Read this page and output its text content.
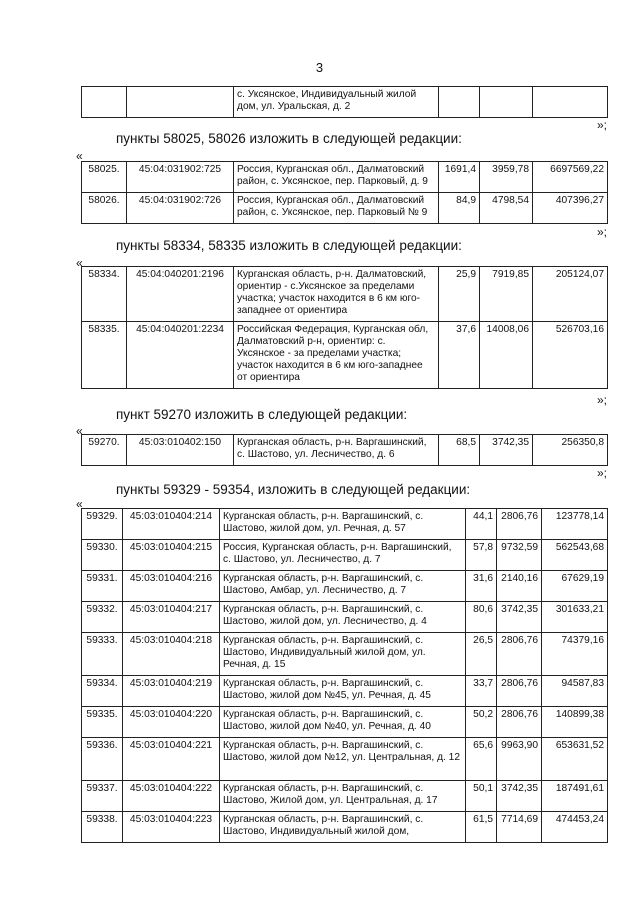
3
		с. Уксянское, Индивидуальный жилой дом, ул. Уральская, д. 2			
»;
пункты 58025, 58026 изложить в следующей редакции:
«
58025.	45:04:031902:725	Россия, Курганская обл., Далматовский район, с. Уксянское, пер. Парковый, д. 9	1691,4	3959,78	6697569,22
58026.	45:04:031902:726	Россия, Курганская обл., Далматовский район, с. Уксянское, пер. Парковый № 9	84,9	4798,54	407396,27
»;
пункты 58334, 58335 изложить в следующей редакции:
«
58334.	45:04:040201:2196	Курганская область, р-н. Далматовский, ориентир - с.Уксянское за пределами участка; участок находится в 6 км юго-западнее от ориентира	25,9	7919,85	205124,07
58335.	45:04:040201:2234	Российская Федерация, Курганская обл, Далматовский р-н, ориентир: с. Уксянское - за пределами участка; участок находится в 6 км юго-западнее от ориентира	37,6	14008,06	526703,16
»;
пункт 59270 изложить в следующей редакции:
«
59270.	45:03:010402:150	Курганская область, р-н. Варгашинский, с. Шастово, ул. Лесничество, д. 6	68,5	3742,35	256350,8
»;
пункты 59329 - 59354, изложить в следующей редакции:
«
59329.	45:03:010404:214	Курганская область, р-н. Варгашинский, с. Шастово, жилой дом, ул. Речная, д. 57	44,1	2806,76	123778,14
59330.	45:03:010404:215	Россия, Курганская область, р-н. Варгашинский, с. Шастово, ул. Лесничество, д. 7	57,8	9732,59	562543,68
59331.	45:03:010404:216	Курганская область, р-н. Варгашинский, с. Шастово, Амбар, ул. Лесничество, д. 7	31,6	2140,16	67629,19
59332.	45:03:010404:217	Курганская область, р-н. Варгашинский, с. Шастово, жилой дом, ул. Лесничество, д. 4	80,6	3742,35	301633,21
59333.	45:03:010404:218	Курганская область, р-н. Варгашинский, с. Шастово, Индивидуальный жилой дом, ул. Речная, д. 15	26,5	2806,76	74379,16
59334.	45:03:010404:219	Курганская область, р-н. Варгашинский, с. Шастово, жилой дом №45, ул. Речная, д. 45	33,7	2806,76	94587,83
59335.	45:03:010404:220	Курганская область, р-н. Варгашинский, с. Шастово, жилой дом №40, ул. Речная, д. 40	50,2	2806,76	140899,38
59336.	45:03:010404:221	Курганская область, р-н. Варгашинский, с. Шастово, жилой дом №12, ул. Центральная, д. 12	65,6	9963,90	653631,52
59337.	45:03:010404:222	Курганская область, р-н. Варгашинский, с. Шастово, Жилой дом, ул. Центральная, д. 17	50,1	3742,35	187491,61
59338.	45:03:010404:223	Курганская область, р-н. Варгашинский, с. Шастово, Индивидуальный жилой дом,	61,5	7714,69	474453,24
